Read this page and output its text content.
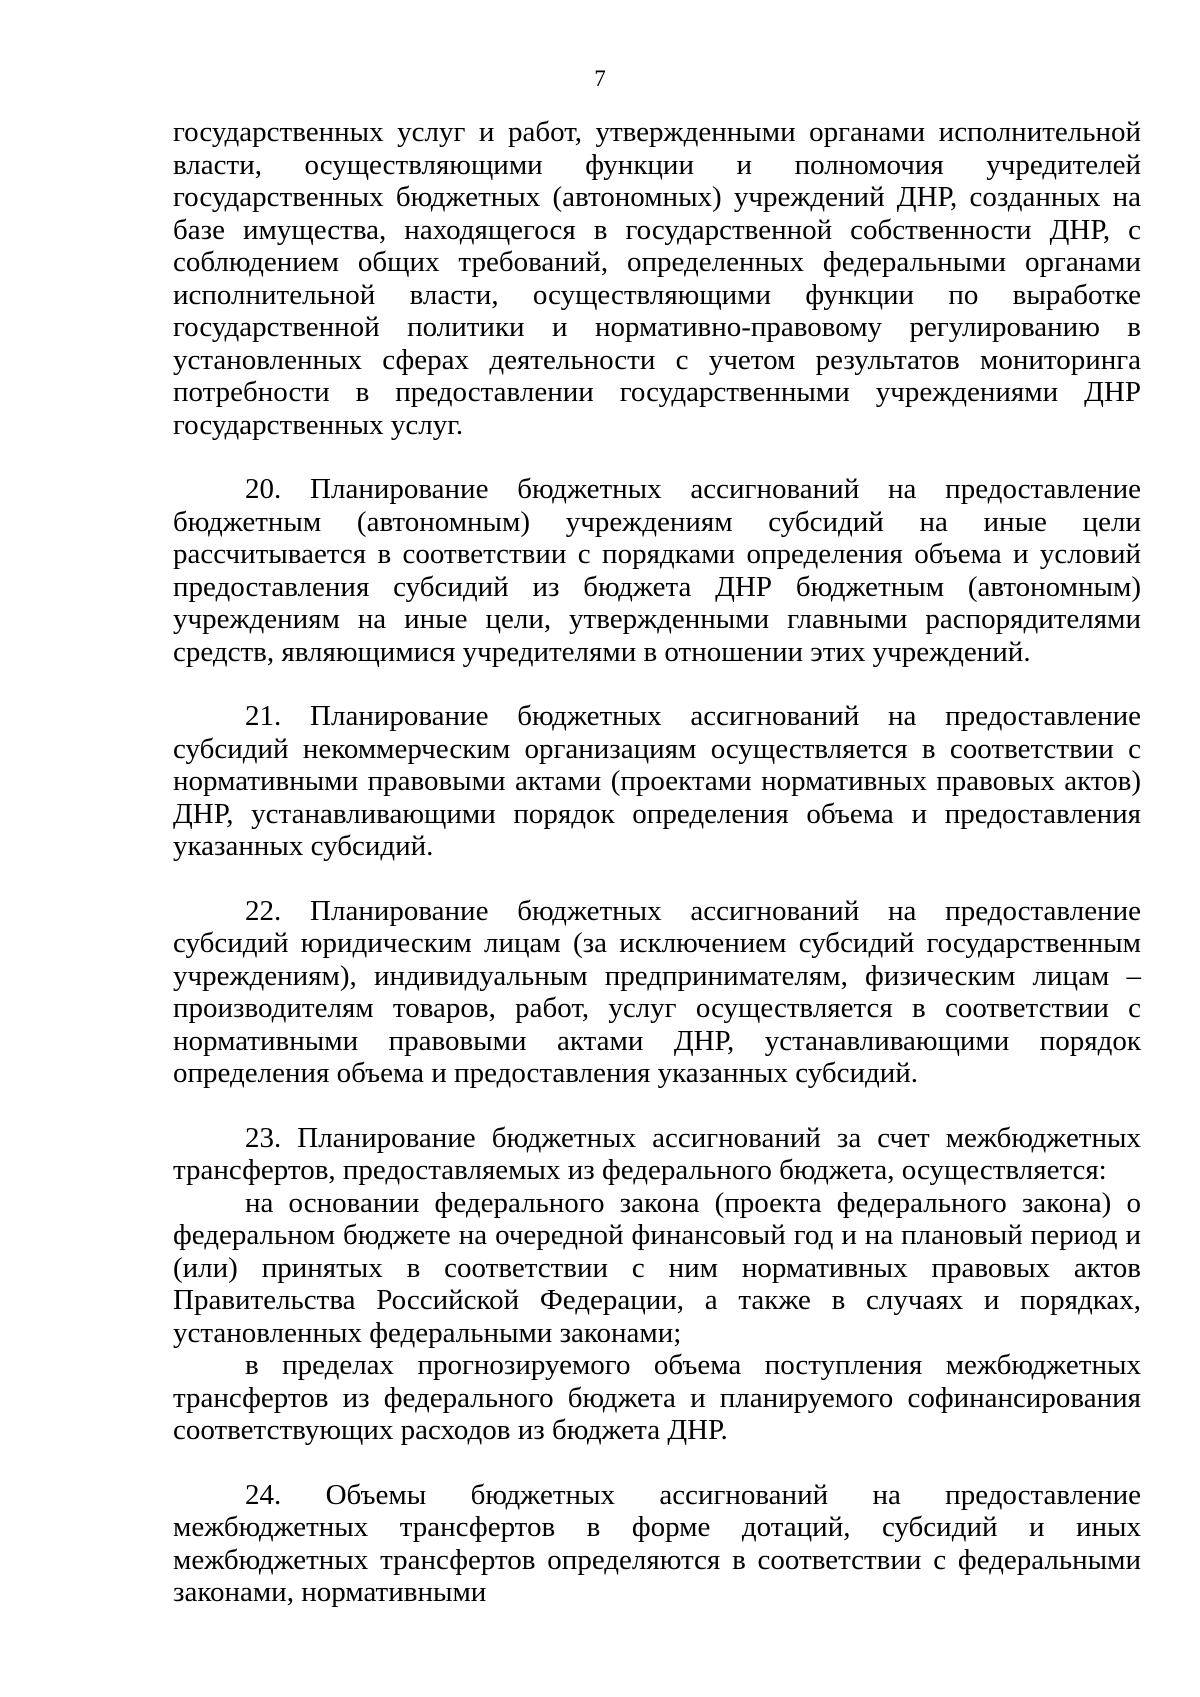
7

государственных услуг и работ, утвержденными органами исполнительной власти, осуществляющими функции и полномочия учредителей государственных бюджетных (автономных) учреждений ДНР, созданных на базе имущества, находящегося в государственной собственности ДНР, с соблюдением общих требований, определенных федеральными органами исполнительной власти, осуществляющими функции по выработке государственной политики и нормативно-правовому регулированию в установленных сферах деятельности с учетом результатов мониторинга потребности в предоставлении государственными учреждениями ДНР государственных услуг.

20. Планирование бюджетных ассигнований на предоставление бюджетным (автономным) учреждениям субсидий на иные цели рассчитывается в соответствии с порядками определения объема и условий предоставления субсидий из бюджета ДНР бюджетным (автономным) учреждениям на иные цели, утвержденными главными распорядителями средств, являющимися учредителями в отношении этих учреждений.

21. Планирование бюджетных ассигнований на предоставление субсидий некоммерческим организациям осуществляется в соответствии с нормативными правовыми актами (проектами нормативных правовых актов) ДНР, устанавливающими порядок определения объема и предоставления указанных субсидий.

22. Планирование бюджетных ассигнований на предоставление субсидий юридическим лицам (за исключением субсидий государственным учреждениям), индивидуальным предпринимателям, физическим лицам – производителям товаров, работ, услуг осуществляется в соответствии с нормативными правовыми актами ДНР, устанавливающими порядок определения объема и предоставления указанных субсидий.

23. Планирование бюджетных ассигнований за счет межбюджетных трансфертов, предоставляемых из федерального бюджета, осуществляется:

на основании федерального закона (проекта федерального закона) о федеральном бюджете на очередной финансовый год и на плановый период и (или) принятых в соответствии с ним нормативных правовых актов Правительства Российской Федерации, а также в случаях и порядках, установленных федеральными законами;

в пределах прогнозируемого объема поступления межбюджетных трансфертов из федерального бюджета и планируемого софинансирования соответствующих расходов из бюджета ДНР.

24. Объемы бюджетных ассигнований на предоставление межбюджетных трансфертов в форме дотаций, субсидий и иных межбюджетных трансфертов определяются в соответствии с федеральными законами, нормативными
